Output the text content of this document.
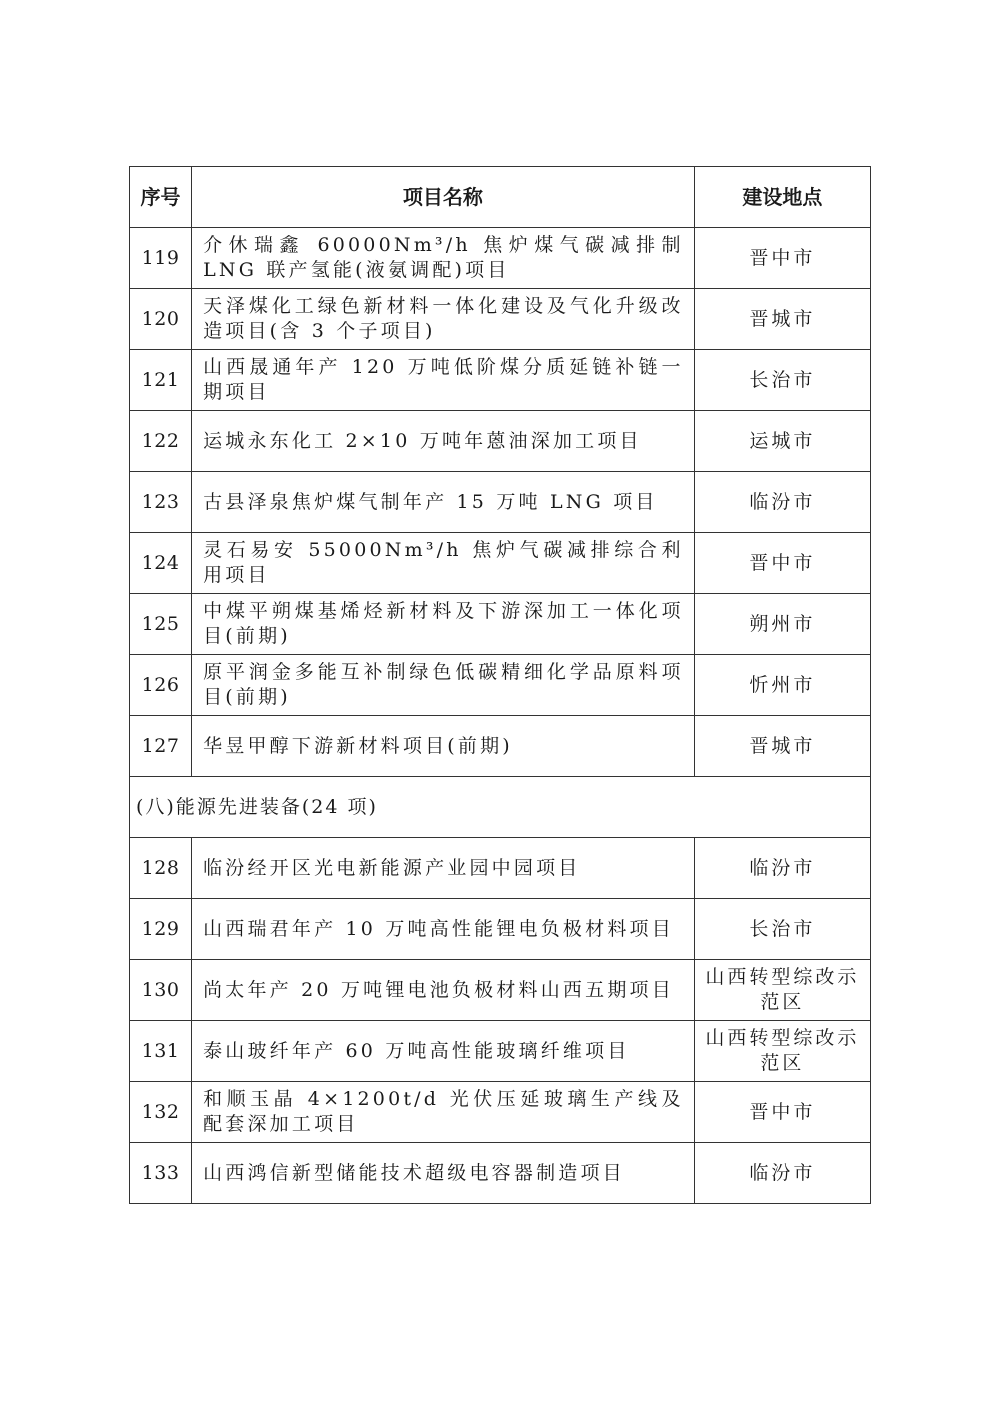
序号	项目名称	建设地点
119	介休瑞鑫 60000Nm³/h 焦炉煤气碳减排制 LNG 联产氢能(液氨调配)项目	晋中市
120	天泽煤化工绿色新材料一体化建设及气化升级改造项目(含 3 个子项目)	晋城市
121	山西晟通年产 120 万吨低阶煤分质延链补链一期项目	长治市
122	运城永东化工 2×10 万吨年蒽油深加工项目	运城市
123	古县泽泉焦炉煤气制年产 15 万吨 LNG 项目	临汾市
124	灵石易安 55000Nm³/h 焦炉气碳减排综合利用项目	晋中市
125	中煤平朔煤基烯烃新材料及下游深加工一体化项目(前期)	朔州市
126	原平润金多能互补制绿色低碳精细化学品原料项目(前期)	忻州市
127	华昱甲醇下游新材料项目(前期)	晋城市
(八)能源先进装备(24 项)		
128	临汾经开区光电新能源产业园中园项目	临汾市
129	山西瑞君年产 10 万吨高性能锂电负极材料项目	长治市
130	尚太年产 20 万吨锂电池负极材料山西五期项目	山西转型综改示范区
131	泰山玻纤年产 60 万吨高性能玻璃纤维项目	山西转型综改示范区
132	和顺玉晶 4×1200t/d 光伏压延玻璃生产线及配套深加工项目	晋中市
133	山西鸿信新型储能技术超级电容器制造项目	临汾市
